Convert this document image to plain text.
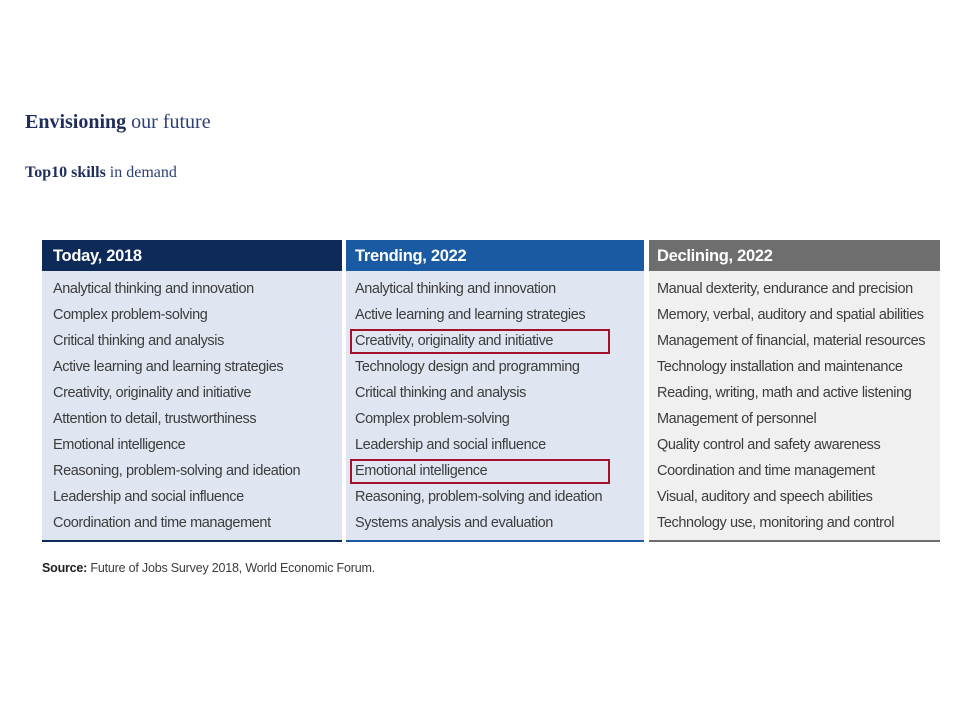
Envisioning our future
Top10 skills in demand
Today, 2018
Analytical thinking and innovation
Complex problem-solving
Critical thinking and analysis
Active learning and learning strategies
Creativity, originality and initiative
Attention to detail, trustworthiness
Emotional intelligence
Reasoning, problem-solving and ideation
Leadership and social influence
Coordination and time management
Trending, 2022
Analytical thinking and innovation
Active learning and learning strategies
Creativity, originality and initiative
Technology design and programming
Critical thinking and analysis
Complex problem-solving
Leadership and social influence
Emotional intelligence
Reasoning, problem-solving and ideation
Systems analysis and evaluation
Declining, 2022
Manual dexterity, endurance and precision
Memory, verbal, auditory and spatial abilities
Management of financial, material resources
Technology installation and maintenance
Reading, writing, math and active listening
Management of personnel
Quality control and safety awareness
Coordination and time management
Visual, auditory and speech abilities
Technology use, monitoring and control
Source: Future of Jobs Survey 2018, World Economic Forum.
